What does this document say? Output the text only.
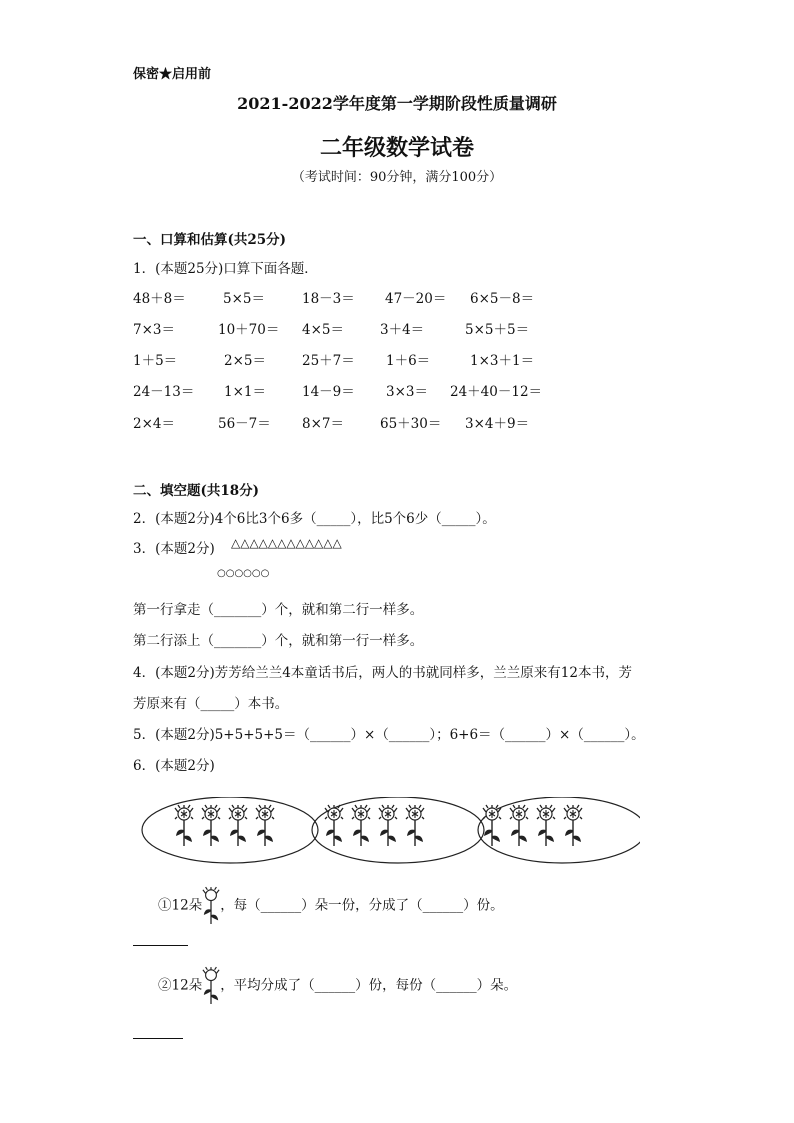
保密★启用前
2021-2022学年度第一学期阶段性质量调研
二年级数学试卷
（考试时间：90分钟，满分100分）
一、口算和估算(共25分)
1．(本题25分)口算下面各题．
48＋8＝	5×5＝	18－3＝ 47－20＝ 6×5－8＝
7×3＝	10＋70＝ 4×5＝	3＋4＝	5×5＋5＝
1＋5＝	2×5＝	25＋7＝ 1＋6＝	1×3＋1＝
24－13＝ 1×1＝	14－9＝ 3×3＝ 24＋40－12＝
2×4＝	56－7＝ 8×7＝	65＋30＝ 3×4＋9＝
二、填空题(共18分)
2．(本题2分)4个6比3个6多（_____），比5个6少（_____）。
3．(本题2分) △△△△△△△△△△△△
○○○○○○
第一行拿走（_______）个，就和第二行一样多。
第二行添上（_______）个，就和第一行一样多。
4．(本题2分)芳芳给兰兰4本童话书后，两人的书就同样多，兰兰原来有12本书，芳
芳原来有（_____）本书。
5．(本题2分)5+5+5+5＝（______）×（______）；6+6＝（______）×（______）。
6．(本题2分)
①12朵 ，每（______）朵一份，分成了（______）份。
②12朵 ，平均分成了（______）份，每份（______）朵。
